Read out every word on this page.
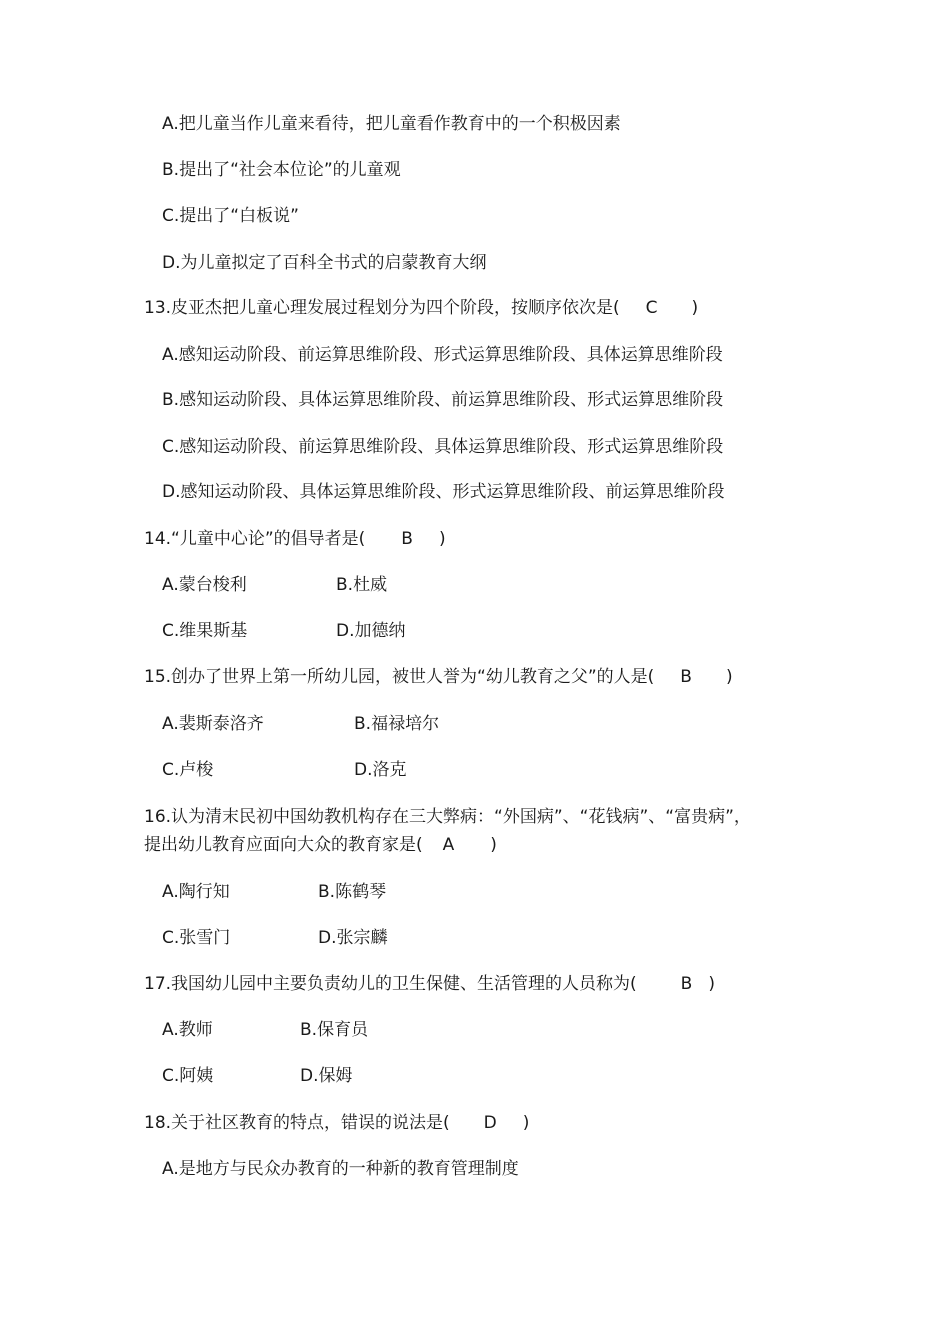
A.把儿童当作儿童来看待，把儿童看作教育中的一个积极因素
B.提出了“社会本位论”的儿童观
C.提出了“白板说”
D.为儿童拟定了百科全书式的启蒙教育大纲
13.皮亚杰把儿童心理发展过程划分为四个阶段，按顺序依次是( C )
A.感知运动阶段、前运算思维阶段、形式运算思维阶段、具体运算思维阶段
B.感知运动阶段、具体运算思维阶段、前运算思维阶段、形式运算思维阶段
C.感知运动阶段、前运算思维阶段、具体运算思维阶段、形式运算思维阶段
D.感知运动阶段、具体运算思维阶段、形式运算思维阶段、前运算思维阶段
14.“儿童中心论”的倡导者是( B )
A.蒙台梭利	B.杜威
C.维果斯基	D.加德纳
15.创办了世界上第一所幼儿园，被世人誉为“幼儿教育之父”的人是( B )
A.裴斯泰洛齐	B.福禄培尔
C.卢梭	D.洛克
16.认为清末民初中国幼教机构存在三大弊病：“外国病”、“花钱病”、“富贵病”，
提出幼儿教育应面向大众的教育家是( A )
A.陶行知	B.陈鹤琴
C.张雪门	D.张宗麟
17.我国幼儿园中主要负责幼儿的卫生保健、生活管理的人员称为(	B )
A.教师	B.保育员
C.阿姨	D.保姆
18.关于社区教育的特点，错误的说法是( D )
A.是地方与民众办教育的一种新的教育管理制度
